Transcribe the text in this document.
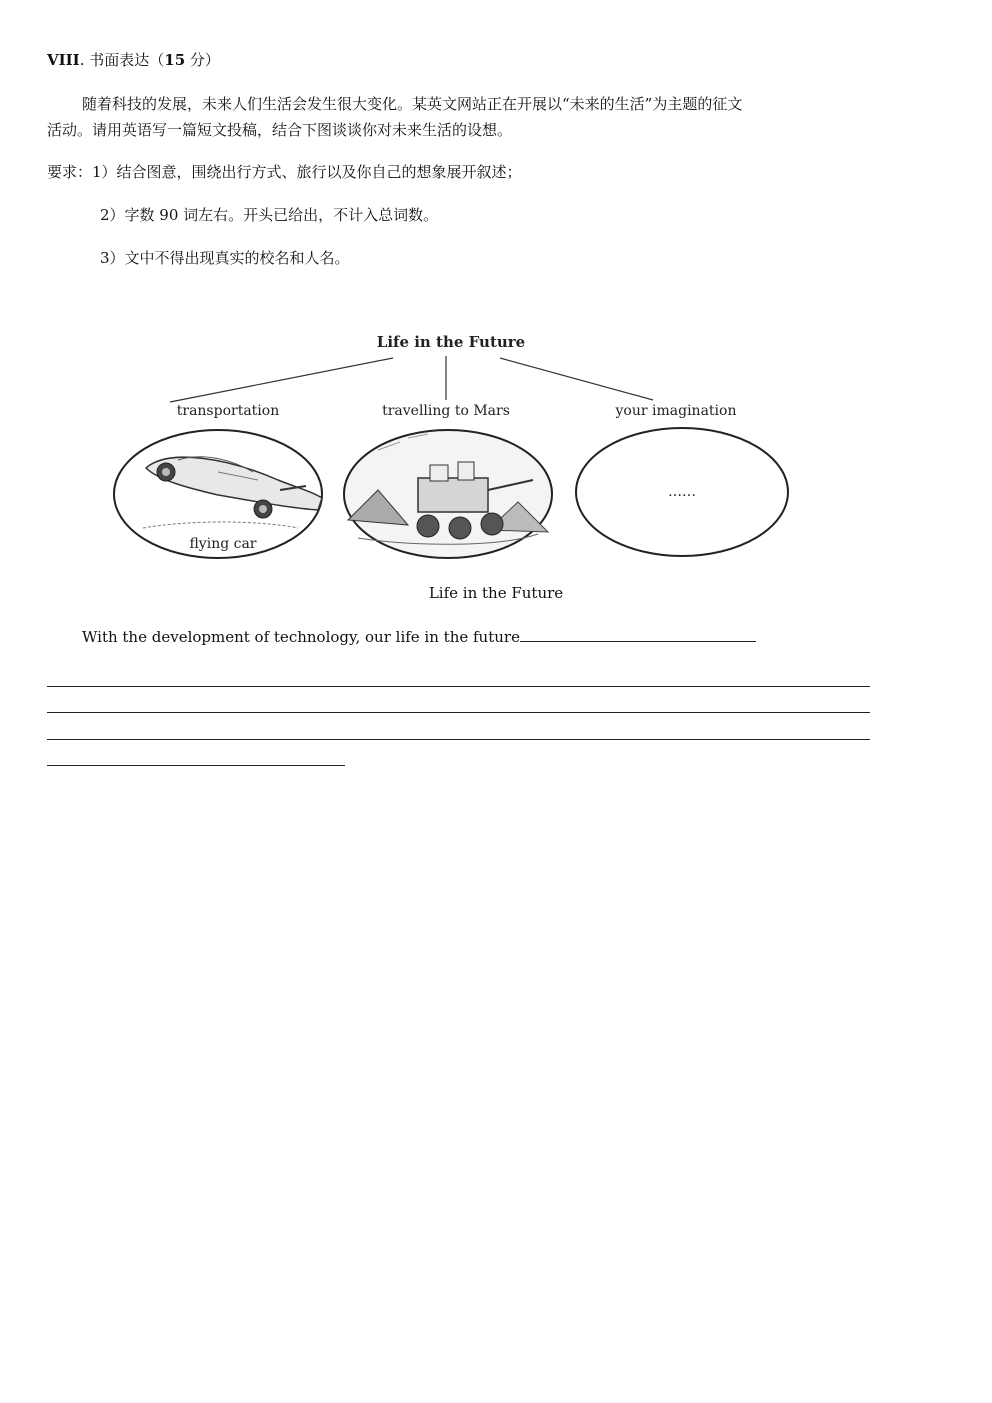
VIII. 书面表达（15 分）
随着科技的发展，未来人们生活会发生很大变化。某英文网站正在开展以“未来的生活”为主题的征文
活动。请用英语写一篇短文投稿，结合下图谈谈你对未来生活的设想。
要求：1）结合图意，围绕出行方式、旅行以及你自己的想象展开叙述；
2）字数 90 词左右。开头已给出，不计入总词数。
3）文中不得出现真实的校名和人名。
Life in the Future
transportation	travelling to Mars	your imagination
flying car
……
Life in the Future
With the development of technology, our life in the future
